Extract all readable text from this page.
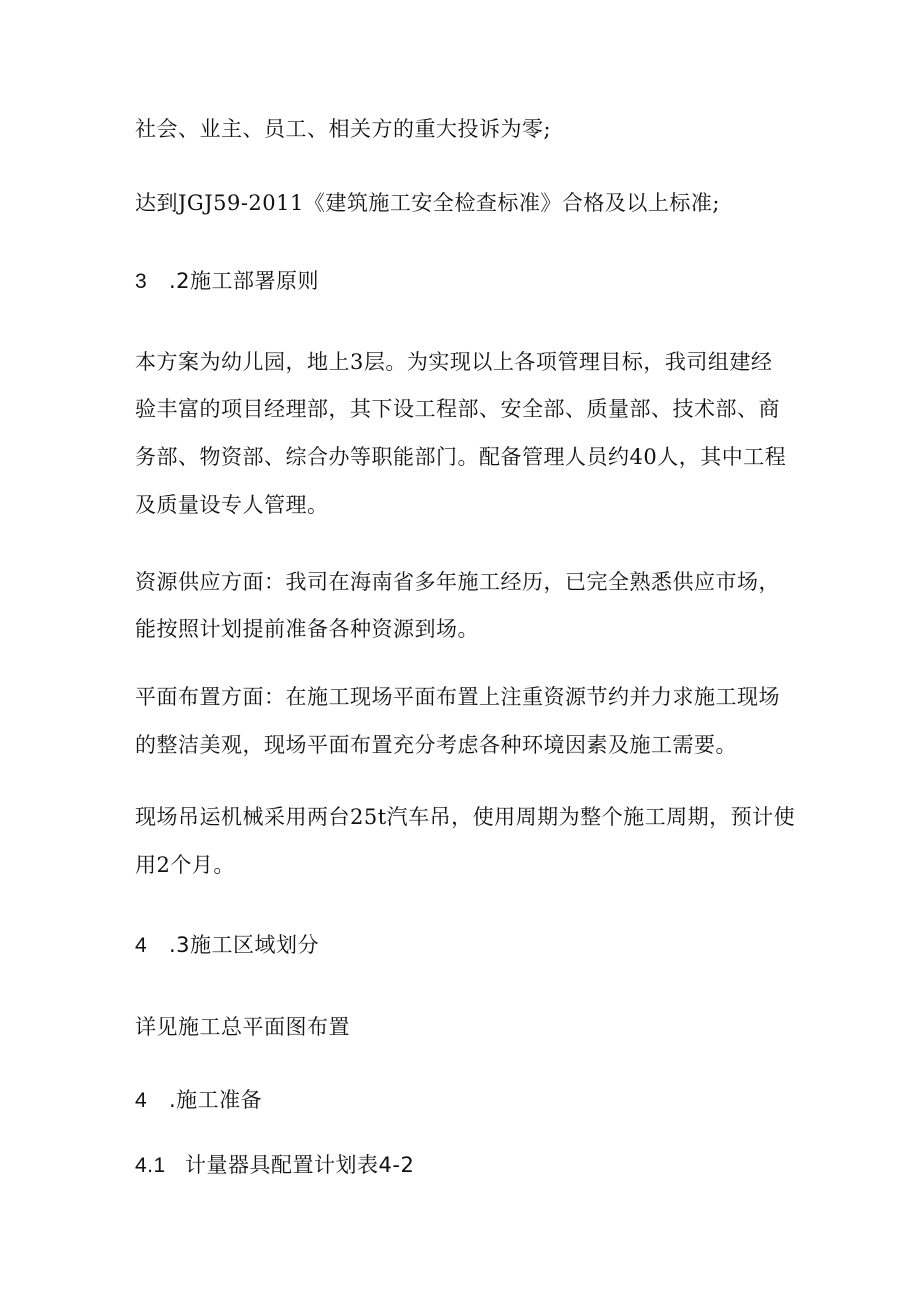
社会、业主、员工、相关方的重大投诉为零;
达到JGJ59-2011《建筑施工安全检查标准》合格及以上标准;
3 .2施工部署原则
本方案为幼儿园，地上3层。为实现以上各项管理目标，我司组建经
验丰富的项目经理部，其下设工程部、安全部、质量部、技术部、商
务部、物资部、综合办等职能部门。配备管理人员约40人，其中工程
及质量设专人管理。
资源供应方面：我司在海南省多年施工经历，已完全熟悉供应市场，
能按照计划提前准备各种资源到场。
平面布置方面：在施工现场平面布置上注重资源节约并力求施工现场
的整洁美观，现场平面布置充分考虑各种环境因素及施工需要。
现场吊运机械采用两台25t汽车吊，使用周期为整个施工周期，预计使
用2个月。
4 .3施工区域划分
详见施工总平面图布置
4 .施工准备
4.1 计量器具配置计划表4-2
